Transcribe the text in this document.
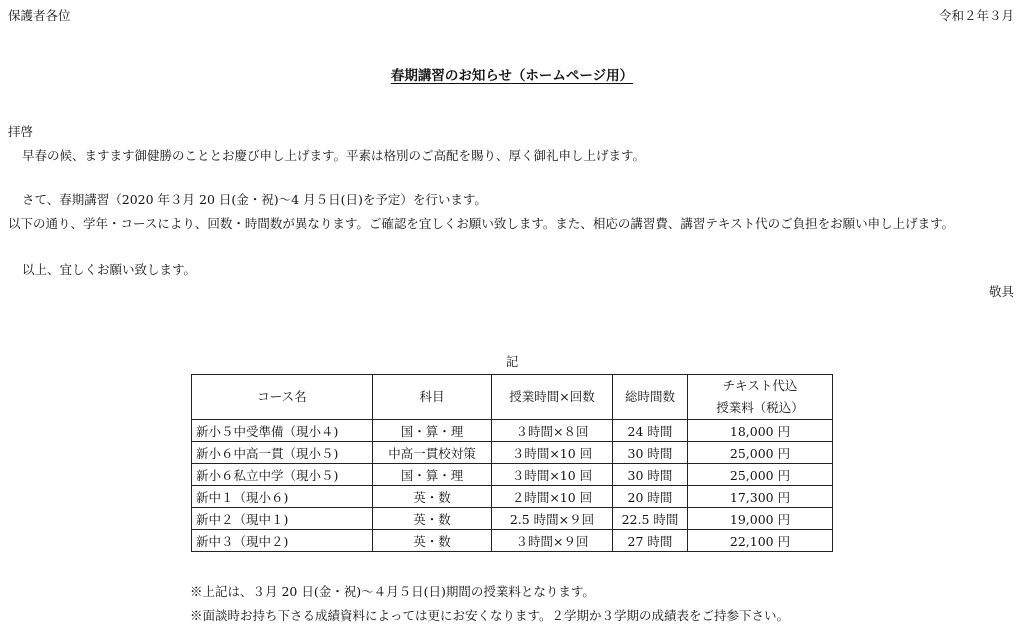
保護者各位	令和２年３月
春期講習のお知らせ（ホームページ用）
拝啓
早春の候、ますます御健勝のこととお慶び申し上げます。平素は格別のご高配を賜り、厚く御礼申し上げます。
さて、春期講習（2020 年３月 20 日(金・祝)～4 月５日(日)を予定）を行います。
以下の通り、学年・コースにより、回数・時間数が異なります。ご確認を宜しくお願い致します。また、相応の講習費、講習テキスト代のご負担をお願い申し上げます。
以上、宜しくお願い致します。
敬具
記
コース名	科目	授業時間×回数	総時間数	チキスト代込
授業料（税込）

新小５中受準備（現小４)	国・算・理	３時間×８回	24 時間	18,000 円
新小６中高一貫（現小５)	中高一貫校対策	３時間×10 回	30 時間	25,000 円
新小６私立中学（現小５)	国・算・理	３時間×10 回	30 時間	25,000 円
新中１（現小６)	英・数	２時間×10 回	20 時間	17,300 円
新中２（現中１)	英・数	2.5 時間×９回	22.5 時間	19,000 円
新中３（現中２)	英・数	３時間×９回	27 時間	22,100 円
※上記は、３月 20 日(金・祝)～４月５日(日)期間の授業料となります。
※面談時お持ち下さる成績資料によっては更にお安くなります。２学期か３学期の成績表をご持参下さい。
